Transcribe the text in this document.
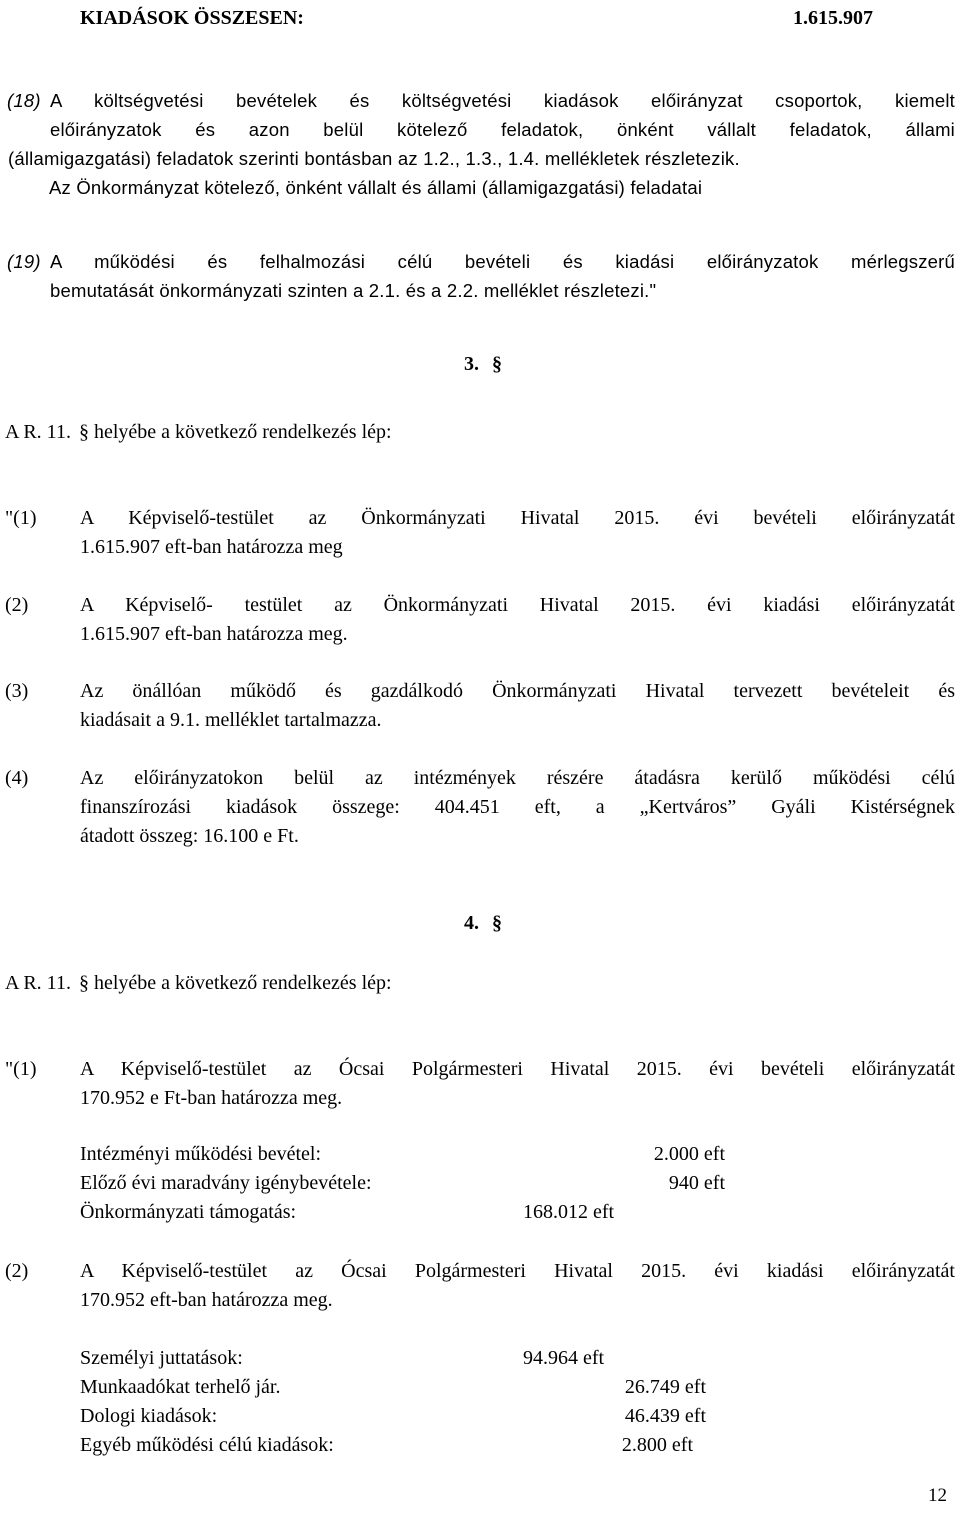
KIADÁSOK ÖSSZESEN:	1.615.907
(18) A költségvetési bevételek és költségvetési kiadások előirányzat csoportok, kiemelt
előirányzatok és azon belül kötelező feladatok, önként vállalt feladatok, állami
(államigazgatási) feladatok szerinti bontásban az 1.2., 1.3., 1.4. mellékletek részletezik.
Az Önkormányzat kötelező, önként vállalt és állami (államigazgatási) feladatai
(19) A működési és felhalmozási célú bevételi és kiadási előirányzatok mérlegszerű
bemutatását önkormányzati szinten a 2.1. és a 2.2. melléklet részletezi."
3. §
A R. 11. § helyébe a következő rendelkezés lép:
"(1) A Képviselő-testület az Önkormányzati Hivatal 2015. évi bevételi előirányzatát
1.615.907 eft-ban határozza meg
(2)	A Képviselő- testület az Önkormányzati Hivatal 2015. évi kiadási előirányzatát
1.615.907 eft-ban határozza meg.
(3)	Az önállóan működő és gazdálkodó Önkormányzati Hivatal tervezett bevételeit és
kiadásait a 9.1. melléklet tartalmazza.
(4)	Az előirányzatokon belül az intézmények részére átadásra kerülő működési célú
finanszírozási kiadások összege: 404.451 eft, a „Kertváros” Gyáli Kistérségnek
átadott összeg: 16.100 e Ft.
4. §
A R. 11. § helyébe a következő rendelkezés lép:
"(1) A Képviselő-testület az Ócsai Polgármesteri Hivatal 2015. évi bevételi előirányzatát
170.952 e Ft-ban határozza meg.
Intézményi működési bevétel:	2.000 eft
Előző évi maradvány igénybevétele:	940 eft
Önkormányzati támogatás:	168.012 eft
(2)	A Képviselő-testület az Ócsai Polgármesteri Hivatal 2015. évi kiadási előirányzatát
170.952 eft-ban határozza meg.
Személyi juttatások:	94.964 eft
Munkaadókat terhelő jár.	26.749 eft
Dologi kiadások:	46.439 eft
Egyéb működési célú kiadások:	2.800 eft
12
